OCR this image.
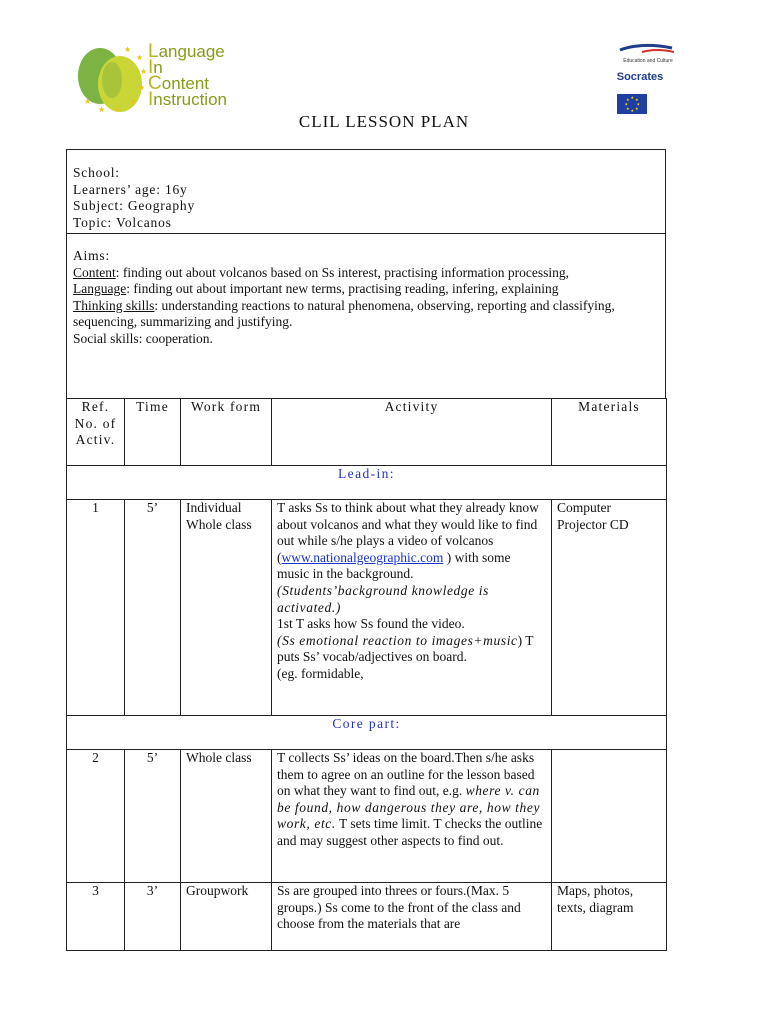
★
★
★
★
★
★
★
★
Language
In
Content
Instruction
Education and Culture
Socrates
★ ★
★
★
★
★
★
★
CLIL LESSON PLAN
School:
Learners’ age: 16y
Subject: Geography
Topic: Volcanos
Aims:
Content: finding out about volcanos based on Ss interest, practising information processing,
Language: finding out about important new terms, practising reading, infering, explaining
Thinking skills: understanding reactions to natural phenomena, observing, reporting and classifying, sequencing, summarizing and justifying.
Social skills: cooperation.
Ref. No. of Activ.	Time	Work form	Activity	Materials
Lead-in:				
1	5’	Individual Whole class	T asks Ss to think about what they already know about volcanos and what they would like to find out while s/he plays a video of volcanos (www.nationalgeographic.com ) with some music in the background.
(Students’background knowledge is activated.)
1st T asks how Ss found the video.
(Ss emotional reaction to images+music) T puts Ss’ vocab/adjectives on board.
(eg. formidable,	Computer Projector CD
Core part:				
2	5’	Whole class	T collects Ss’ ideas on the board.Then s/he asks them to agree on an outline for the lesson based on what they want to find out, e.g. where v. can be found, how dangerous they are, how they work, etc. T sets time limit. T checks the outline and may suggest other aspects to find out.	
3	3’	Groupwork	Ss are grouped into threes or fours.(Max. 5 groups.) Ss come to the front of the class and choose from the materials that are	Maps, photos, texts, diagram
